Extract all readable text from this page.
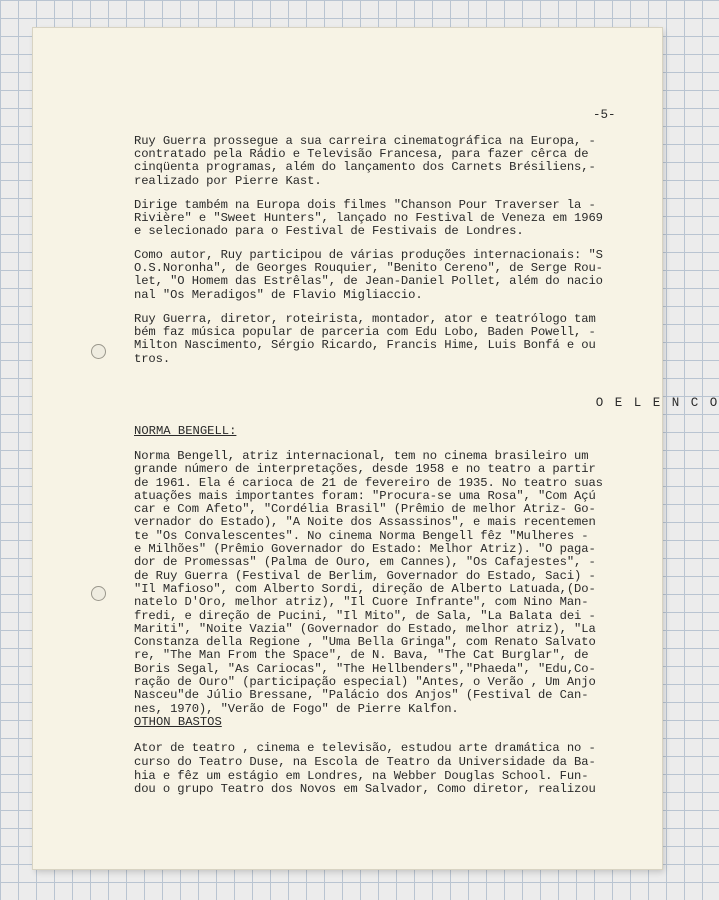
-5-

Ruy Guerra prossegue a sua carreira cinematográfica na Europa, -
contratado pela Rádio e Televisão Francesa, para fazer cêrca de
cinqüenta programas, além do lançamento dos Carnets Brésiliens,-
realizado por Pierre Kast.

Dirige também na Europa dois filmes "Chanson Pour Traverser la -
Rivière" e "Sweet Hunters", lançado no Festival de Veneza em 1969
e selecionado para o Festival de Festivais de Londres.

Como autor, Ruy participou de várias produções internacionais: "S
O.S.Noronha", de Georges Rouquier, "Benito Cereno", de Serge Rou-
let, "O Homem das Estrêlas", de Jean-Daniel Pollet, além do nacio
nal "Os Meradigos" de Flavio Migliaccio.

Ruy Guerra, diretor, roteirista, montador, ator e teatrólogo tam
bém faz música popular de parceria com Edu Lobo, Baden Powell, -
Milton Nascimento, Sérgio Ricardo, Francis Hime, Luis Bonfá e ou
tros.

O E L E N C O
NORMA BENGELL:

Norma Bengell, atriz internacional, tem no cinema brasileiro um
grande número de interpretações, desde 1958 e no teatro a partir
de 1961. Ela é carioca de 21 de fevereiro de 1935. No teatro suas
atuações mais importantes foram: "Procura-se uma Rosa", "Com Açú
car e Com Afeto", "Cordélia Brasil" (Prêmio de melhor Atriz- Go-
vernador do Estado), "A Noite dos Assassinos", e mais recentemen
te "Os Convalescentes". No cinema Norma Bengell fêz "Mulheres -
e Milhões" (Prêmio Governador do Estado: Melhor Atriz). "O paga-
dor de Promessas" (Palma de Ouro, em Cannes), "Os Cafajestes", -
de Ruy Guerra (Festival de Berlim, Governador do Estado, Saci) -
"Il Mafioso", com Alberto Sordi, direção de Alberto Latuada,(Do-
natelo D'Oro, melhor atriz), "Il Cuore Infrante", com Nino Man-
fredi, e direção de Pucini, "Il Mito", de Sala, "La Balata dei -
Mariti", "Noite Vazia" (Governador do Estado, melhor atriz), "La
Constanza della Regione , "Uma Bella Gringa", com Renato Salvato
re, "The Man From the Space", de N. Bava, "The Cat Burglar", de
Boris Segal, "As Cariocas", "The Hellbenders","Phaeda", "Edu,Co-
ração de Ouro" (participação especial) "Antes, o Verão , Um Anjo
Nasceu"de Júlio Bressane, "Palácio dos Anjos" (Festival de Can-
nes, 1970), "Verão de Fogo" de Pierre Kalfon.

OTHON BASTOS

Ator de teatro , cinema e televisão, estudou arte dramática no -
curso do Teatro Duse, na Escola de Teatro da Universidade da Ba-
hia e fêz um estágio em Londres, na Webber Douglas School. Fun-
dou o grupo Teatro dos Novos em Salvador, Como diretor, realizou
